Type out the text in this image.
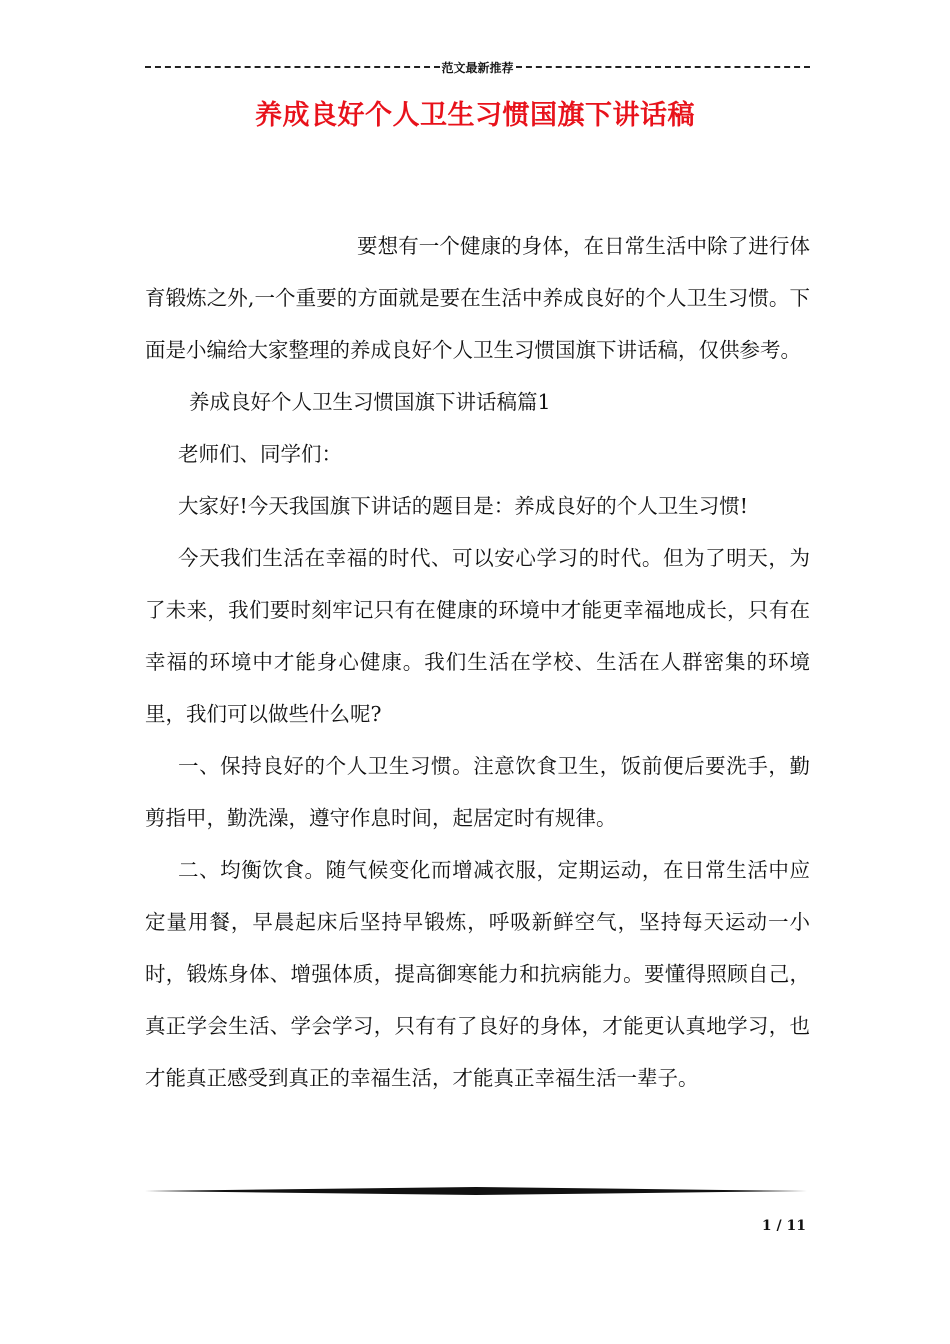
范文最新推荐
养成良好个人卫生习惯国旗下讲话稿

要想有一个健康的身体，在日常生活中除了进行体育锻炼之外,一个重要的方面就是要在生活中养成良好的个人卫生习惯。下面是小编给大家整理的养成良好个人卫生习惯国旗下讲话稿，仅供参考。

养成良好个人卫生习惯国旗下讲话稿篇1

老师们、同学们：

大家好!今天我国旗下讲话的题目是：养成良好的个人卫生习惯!

今天我们生活在幸福的时代、可以安心学习的时代。但为了明天，为了未来，我们要时刻牢记只有在健康的环境中才能更幸福地成长，只有在幸福的环境中才能身心健康。我们生活在学校、生活在人群密集的环境里，我们可以做些什么呢?

一、保持良好的个人卫生习惯。注意饮食卫生，饭前便后要洗手，勤剪指甲，勤洗澡，遵守作息时间，起居定时有规律。

二、均衡饮食。随气候变化而增减衣服，定期运动，在日常生活中应定量用餐，早晨起床后坚持早锻炼，呼吸新鲜空气，坚持每天运动一小时，锻炼身体、增强体质，提高御寒能力和抗病能力。要懂得照顾自己，真正学会生活、学会学习，只有有了良好的身体，才能更认真地学习，也才能真正感受到真正的幸福生活，才能真正幸福生活一辈子。

1 / 11
